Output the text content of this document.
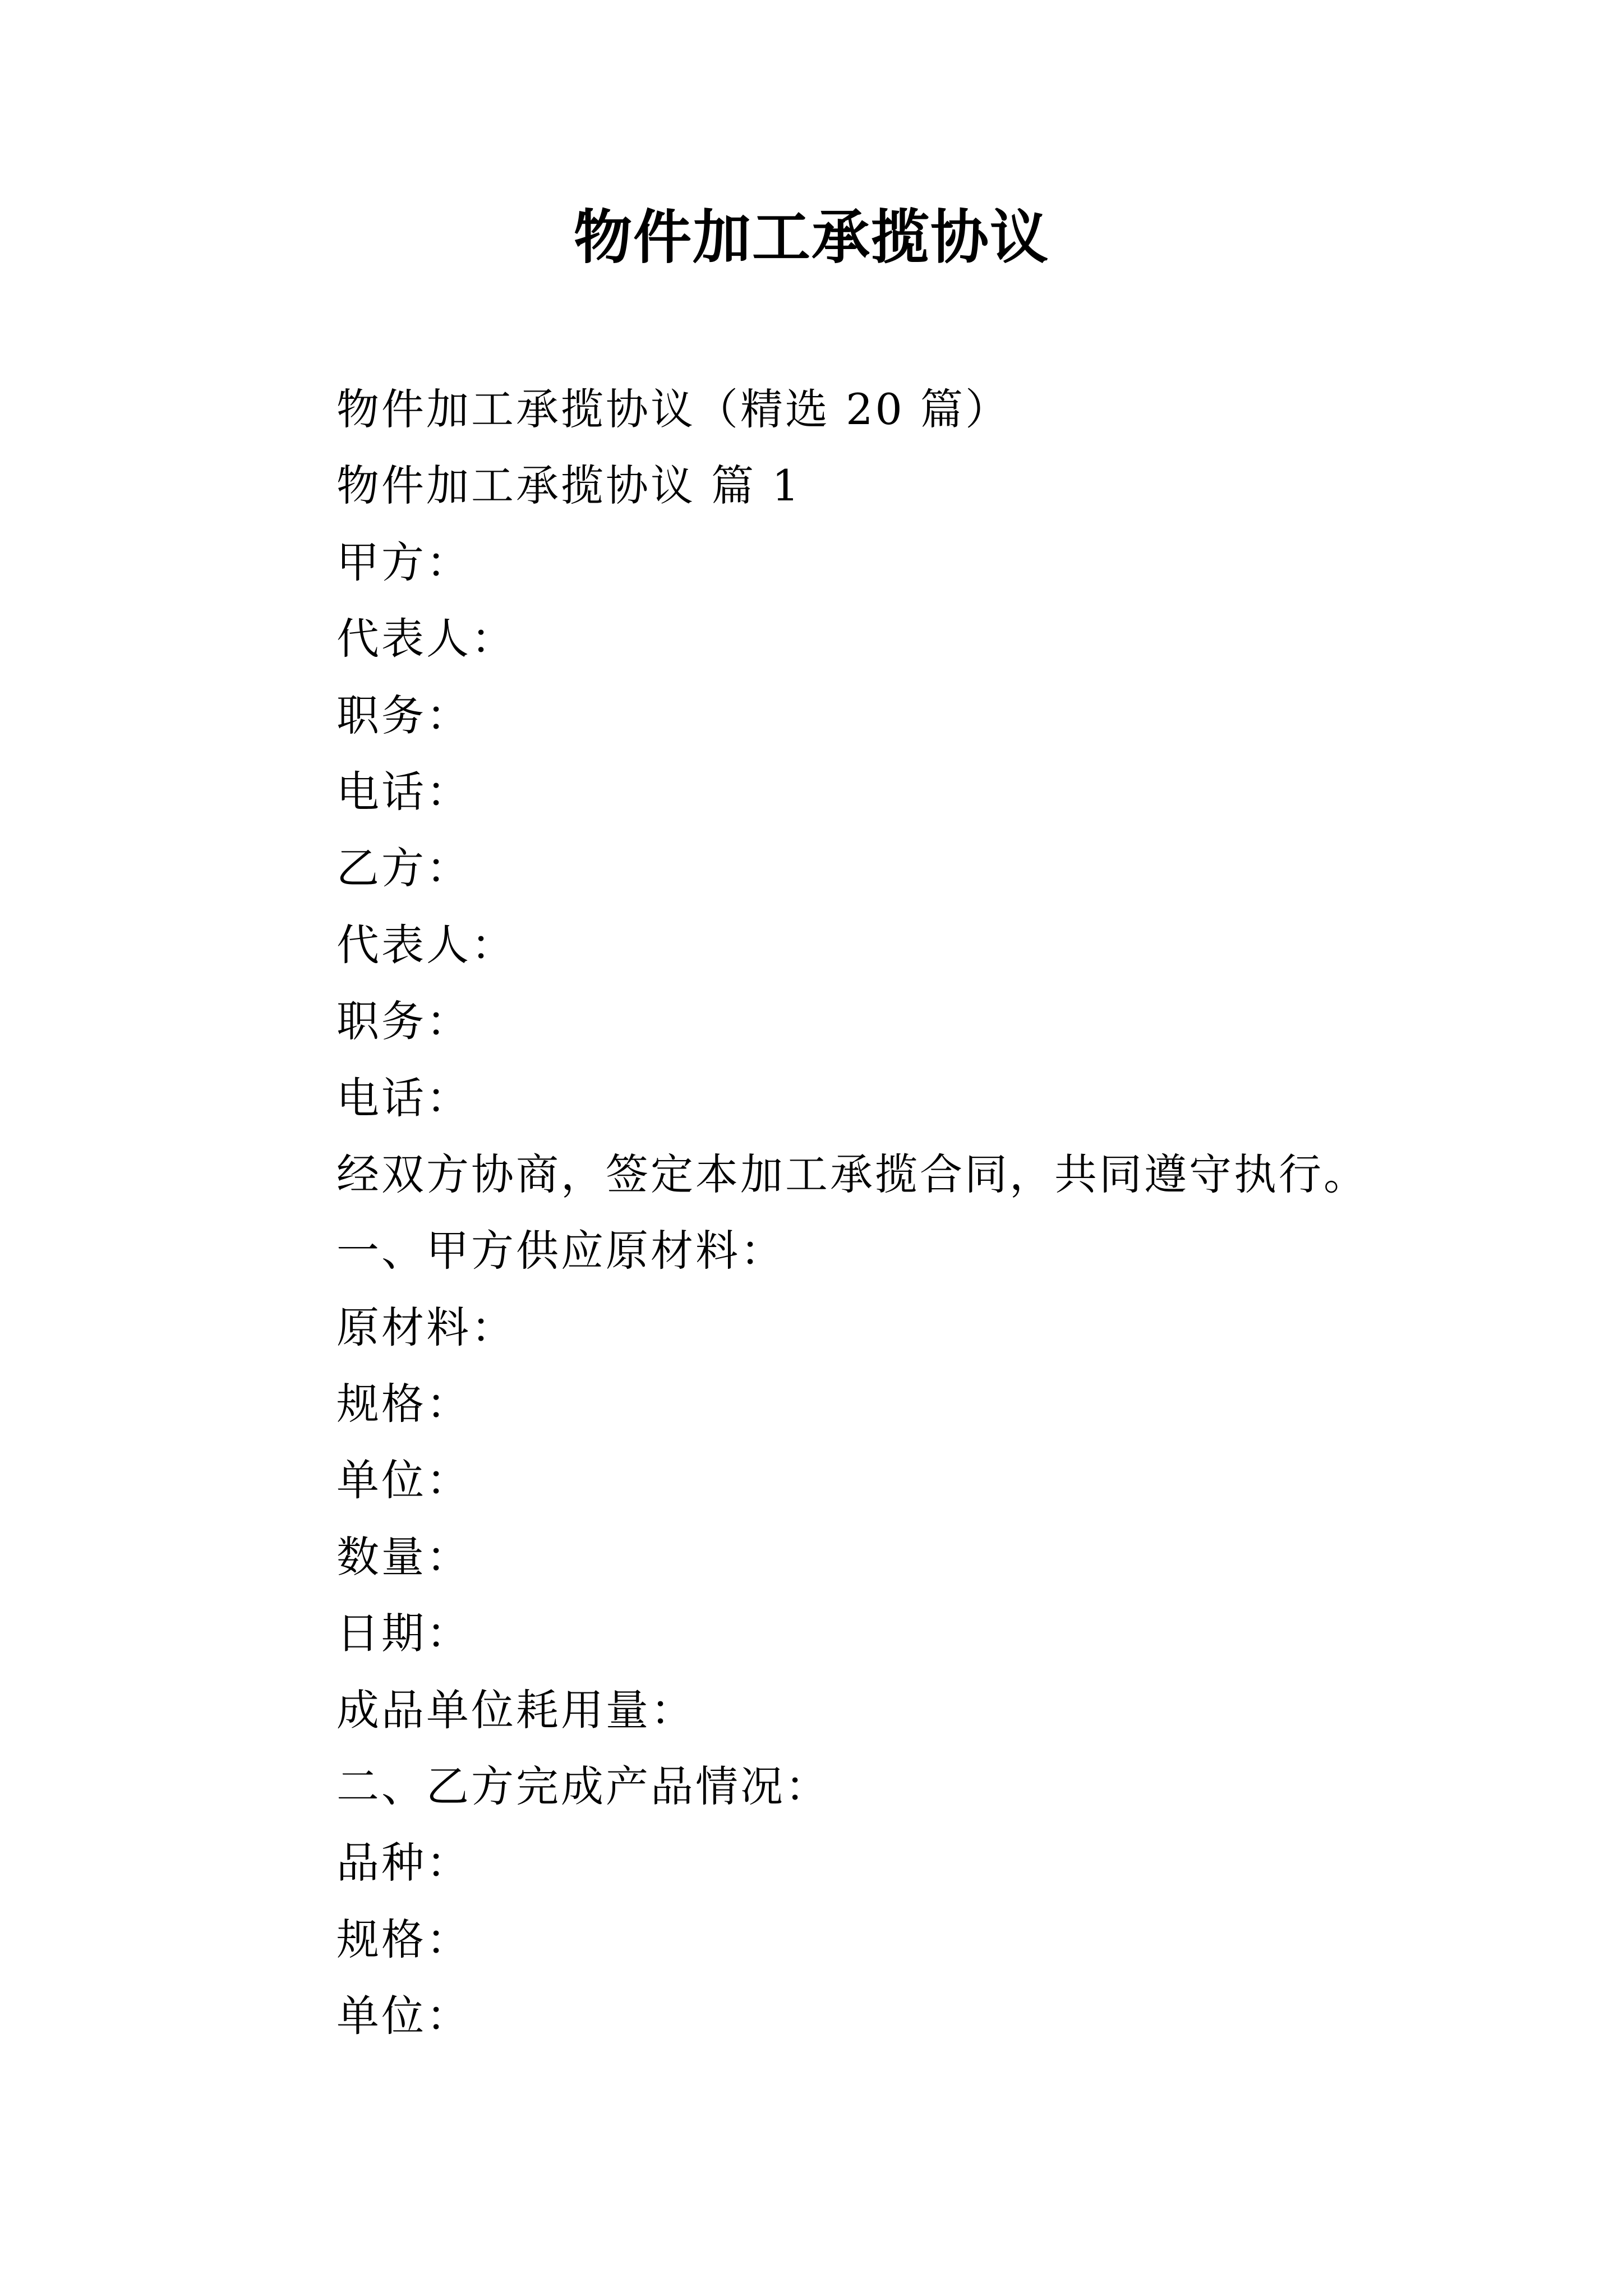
物件加工承揽协议
物件加工承揽协议（精选 20 篇）
物件加工承揽协议 篇 1
甲方：
代表人：
职务：
电话：
乙方：
代表人：
职务：
电话：
经双方协商，签定本加工承揽合同，共同遵守执行。
一、甲方供应原材料：
原材料：
规格：
单位：
数量：
日期：
成品单位耗用量：
二、乙方完成产品情况：
品种：
规格：
单位：
